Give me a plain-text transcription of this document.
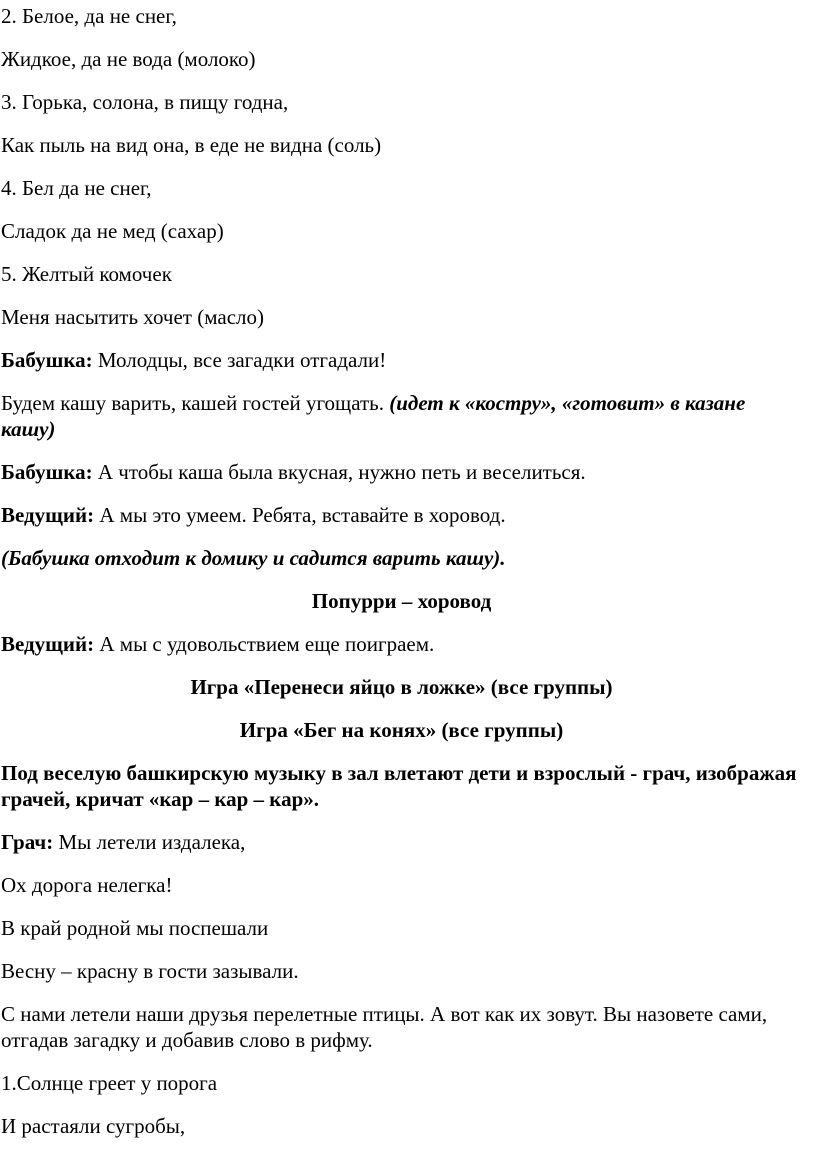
2. Белое, да не снег,
Жидкое, да не вода (молоко)
3. Горька, солона, в пищу годна,
Как пыль на вид она, в еде не видна (соль)
4. Бел да не снег,
Сладок да не мед (сахар)
5. Желтый комочек
Меня насытить хочет (масло)
Бабушка: Молодцы, все загадки отгадали!
Будем кашу варить, кашей гостей угощать. (идет к «костру», «готовит» в казане кашу)
Бабушка: А чтобы каша была вкусная, нужно петь и веселиться.
Ведущий: А мы это умеем. Ребята, вставайте в хоровод.
(Бабушка отходит к домику и садится варить кашу).
Попурри – хоровод
Ведущий: А мы с удовольствием еще поиграем.
Игра «Перенеси яйцо в ложке» (все группы)
Игра «Бег на конях» (все группы)
Под веселую башкирскую музыку в зал влетают дети и взрослый - грач, изображая грачей, кричат «кар – кар – кар».
Грач: Мы летели издалека,
Ох дорога нелегка!
В край родной мы поспешали
Весну – красну в гости зазывали.
С нами летели наши друзья перелетные птицы. А вот как их зовут. Вы назовете сами, отгадав загадку и добавив слово в рифму.
1.Солнце греет у порога
И растаяли сугробы,
